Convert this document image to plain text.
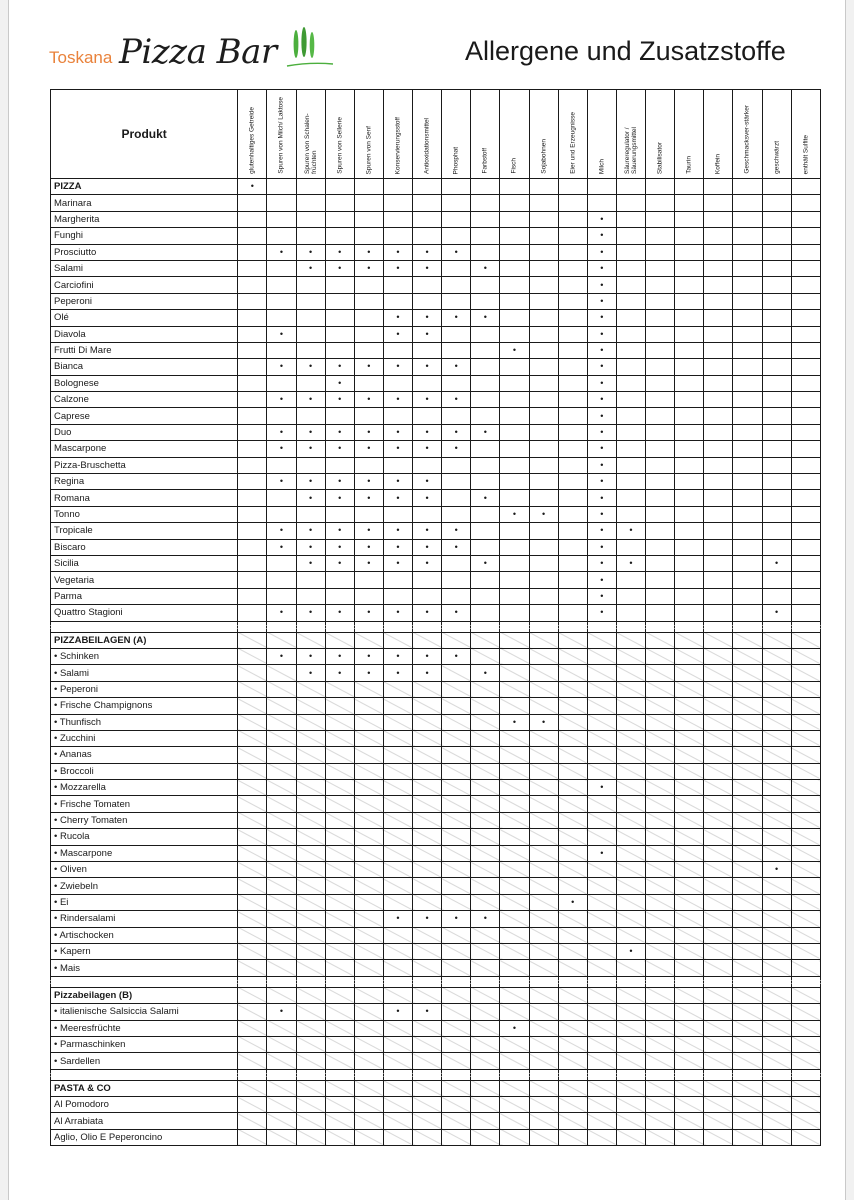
Toskana Pizza Bar	Allergene und Zusatzstoffe
Produkt	glutenhaltiges Getreide	Spuren von Milch/ Laktose	Spuren von Schalen-früchten	Spuren von Sellerie	Spuren von Senf	Konservierungsstoff	Antioxidationsmittel	Phosphat	Farbstoff	Fisch	Sojabohnen	Eier und Erzeugnisse	Milch	Säureregulator / Säuerungsmittel	Stabilisator	Taurin	Koffein	Geschmacksver-stärker	geschwärzt	enthält Sulfite

PIZZA	•																			
Marinara																				
Margherita													•							
Funghi													•							
Prosciutto		•	•	•	•	•	•	•					•							
Salami			•	•	•	•	•		•				•							
Carciofini													•							
Peperoni													•							
Olé						•	•	•	•				•							
Diavola		•				•	•						•							
Frutti Di Mare										•			•							
Bianca		•	•	•	•	•	•	•					•							
Bolognese				•									•							
Calzone		•	•	•	•	•	•	•					•							
Caprese													•							
Duo		•	•	•	•	•	•	•	•				•							
Mascarpone		•	•	•	•	•	•	•					•							
Pizza-Bruschetta													•							
Regina		•	•	•	•	•	•						•							
Romana			•	•	•	•	•		•				•							
Tonno										•	•		•							
Tropicale		•	•	•	•	•	•	•					•	•						
Biscaro		•	•	•	•	•	•	•					•							
Sicilia			•	•	•	•	•		•				•	•					•	
Vegetaria													•							
Parma													•							
Quattro Stagioni		•	•	•	•	•	•	•					•						•	

PIZZABEILAGEN (A)																				
• Schinken		•	•	•	•	•	•	•												
• Salami			•	•	•	•	•		•											
• Peperoni																				
• Frische Champignons																				
• Thunfisch										•	•									
• Zucchini																				
• Ananas																				
• Broccoli																				
• Mozzarella													•							
• Frische Tomaten																				
• Cherry Tomaten																				
• Rucola																				
• Mascarpone													•							
• Oliven																			•	
• Zwiebeln																				
• Ei												•								
• Rindersalami						•	•	•	•											
• Artischocken																				
• Kapern														•						
• Mais																				

Pizzabeilagen (B)																				
• italienische Salsiccia Salami		•				•	•													
• Meeresfrüchte										•										
• Parmaschinken																				
• Sardellen																				

PASTA & CO																				
Al Pomodoro																				
Al Arrabiata																				
Aglio, Olio E Peperoncino																				
